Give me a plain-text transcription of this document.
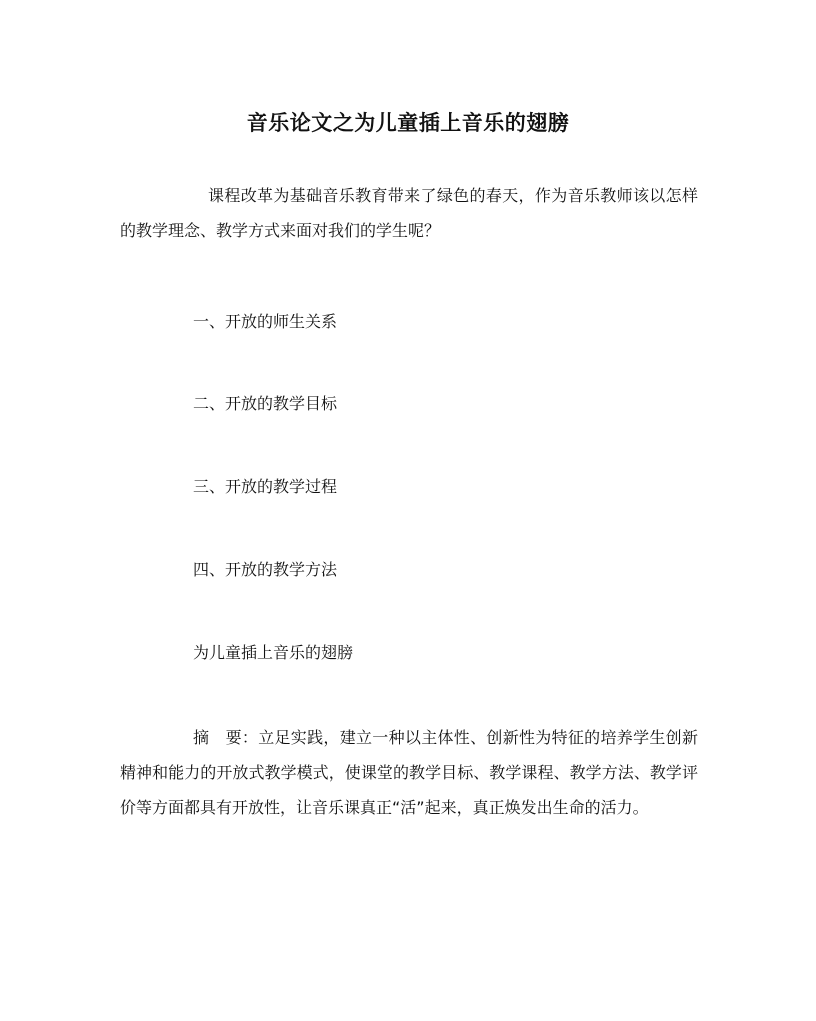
音乐论文之为儿童插上音乐的翅膀
课程改革为基础音乐教育带来了绿色的春天，作为音乐教师该以怎样的教学理念、教学方式来面对我们的学生呢？
一、开放的师生关系
二、开放的教学目标
三、开放的教学过程
四、开放的教学方法
为儿童插上音乐的翅膀
摘　要：立足实践，建立一种以主体性、创新性为特征的培养学生创新精神和能力的开放式教学模式，使课堂的教学目标、教学课程、教学方法、教学评价等方面都具有开放性，让音乐课真正“活”起来，真正焕发出生命的活力。
